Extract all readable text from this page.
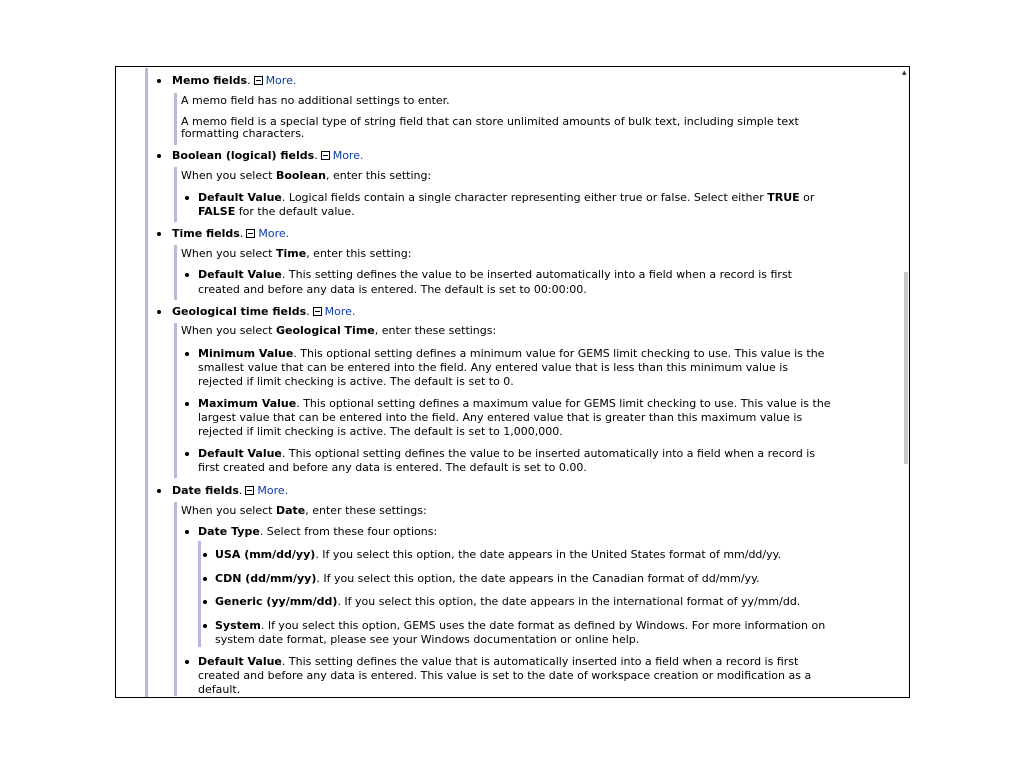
▴
Memo fields. More.
A memo field has no additional settings to enter.
A memo field is a special type of string field that can store unlimited amounts of bulk text, including simple text
formatting characters.
Boolean (logical) fields. More.
When you select Boolean, enter this setting:
Default Value. Logical fields contain a single character representing either true or false. Select either TRUE or
FALSE for the default value.
Time fields. More.
When you select Time, enter this setting:
Default Value. This setting defines the value to be inserted automatically into a field when a record is first
created and before any data is entered. The default is set to 00:00:00.
Geological time fields. More.
When you select Geological Time, enter these settings:
Minimum Value. This optional setting defines a minimum value for GEMS limit checking to use. This value is the
smallest value that can be entered into the field. Any entered value that is less than this minimum value is
rejected if limit checking is active. The default is set to 0.
Maximum Value. This optional setting defines a maximum value for GEMS limit checking to use. This value is the
largest value that can be entered into the field. Any entered value that is greater than this maximum value is
rejected if limit checking is active. The default is set to 1,000,000.
Default Value. This optional setting defines the value to be inserted automatically into a field when a record is
first created and before any data is entered. The default is set to 0.00.
Date fields. More.
When you select Date, enter these settings:
Date Type. Select from these four options:
USA (mm/dd/yy). If you select this option, the date appears in the United States format of mm/dd/yy.
CDN (dd/mm/yy). If you select this option, the date appears in the Canadian format of dd/mm/yy.
Generic (yy/mm/dd). If you select this option, the date appears in the international format of yy/mm/dd.
System. If you select this option, GEMS uses the date format as defined by Windows. For more information on
system date format, please see your Windows documentation or online help.
Default Value. This setting defines the value that is automatically inserted into a field when a record is first
created and before any data is entered. This value is set to the date of workspace creation or modification as a
default.
